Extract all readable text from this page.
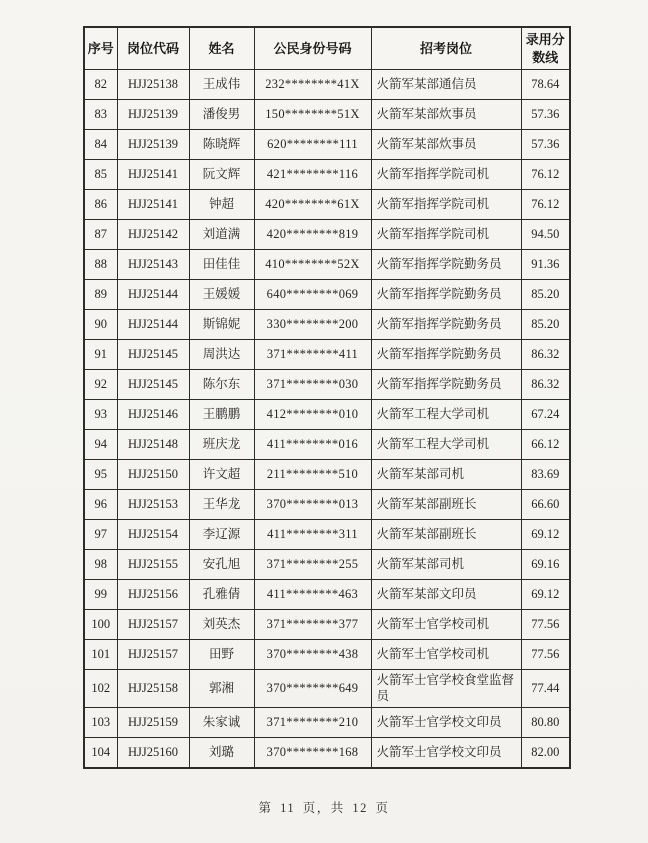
序号	岗位代码	姓名	公民身份号码	招考岗位	录用分数线
82	HJJ25138	王成伟	232********41X	火箭军某部通信员	78.64
83	HJJ25139	潘俊男	150********51X	火箭军某部炊事员	57.36
84	HJJ25139	陈晓辉	620********111	火箭军某部炊事员	57.36
85	HJJ25141	阮文辉	421********116	火箭军指挥学院司机	76.12
86	HJJ25141	钟超	420********61X	火箭军指挥学院司机	76.12
87	HJJ25142	刘道满	420********819	火箭军指挥学院司机	94.50
88	HJJ25143	田佳佳	410********52X	火箭军指挥学院勤务员	91.36
89	HJJ25144	王媛媛	640********069	火箭军指挥学院勤务员	85.20
90	HJJ25144	斯锦妮	330********200	火箭军指挥学院勤务员	85.20
91	HJJ25145	周洪达	371********411	火箭军指挥学院勤务员	86.32
92	HJJ25145	陈尔东	371********030	火箭军指挥学院勤务员	86.32
93	HJJ25146	王鹏鹏	412********010	火箭军工程大学司机	67.24
94	HJJ25148	班庆龙	411********016	火箭军工程大学司机	66.12
95	HJJ25150	许文超	211********510	火箭军某部司机	83.69
96	HJJ25153	王华龙	370********013	火箭军某部副班长	66.60
97	HJJ25154	李辽源	411********311	火箭军某部副班长	69.12
98	HJJ25155	安孔旭	371********255	火箭军某部司机	69.16
99	HJJ25156	孔雅倩	411********463	火箭军某部文印员	69.12
100	HJJ25157	刘英杰	371********377	火箭军士官学校司机	77.56
101	HJJ25157	田野	370********438	火箭军士官学校司机	77.56
102	HJJ25158	郭湘	370********649	火箭军士官学校食堂监督员	77.44
103	HJJ25159	朱家诚	371********210	火箭军士官学校文印员	80.80
104	HJJ25160	刘璐	370********168	火箭军士官学校文印员	82.00
第 11 页，共 12 页
